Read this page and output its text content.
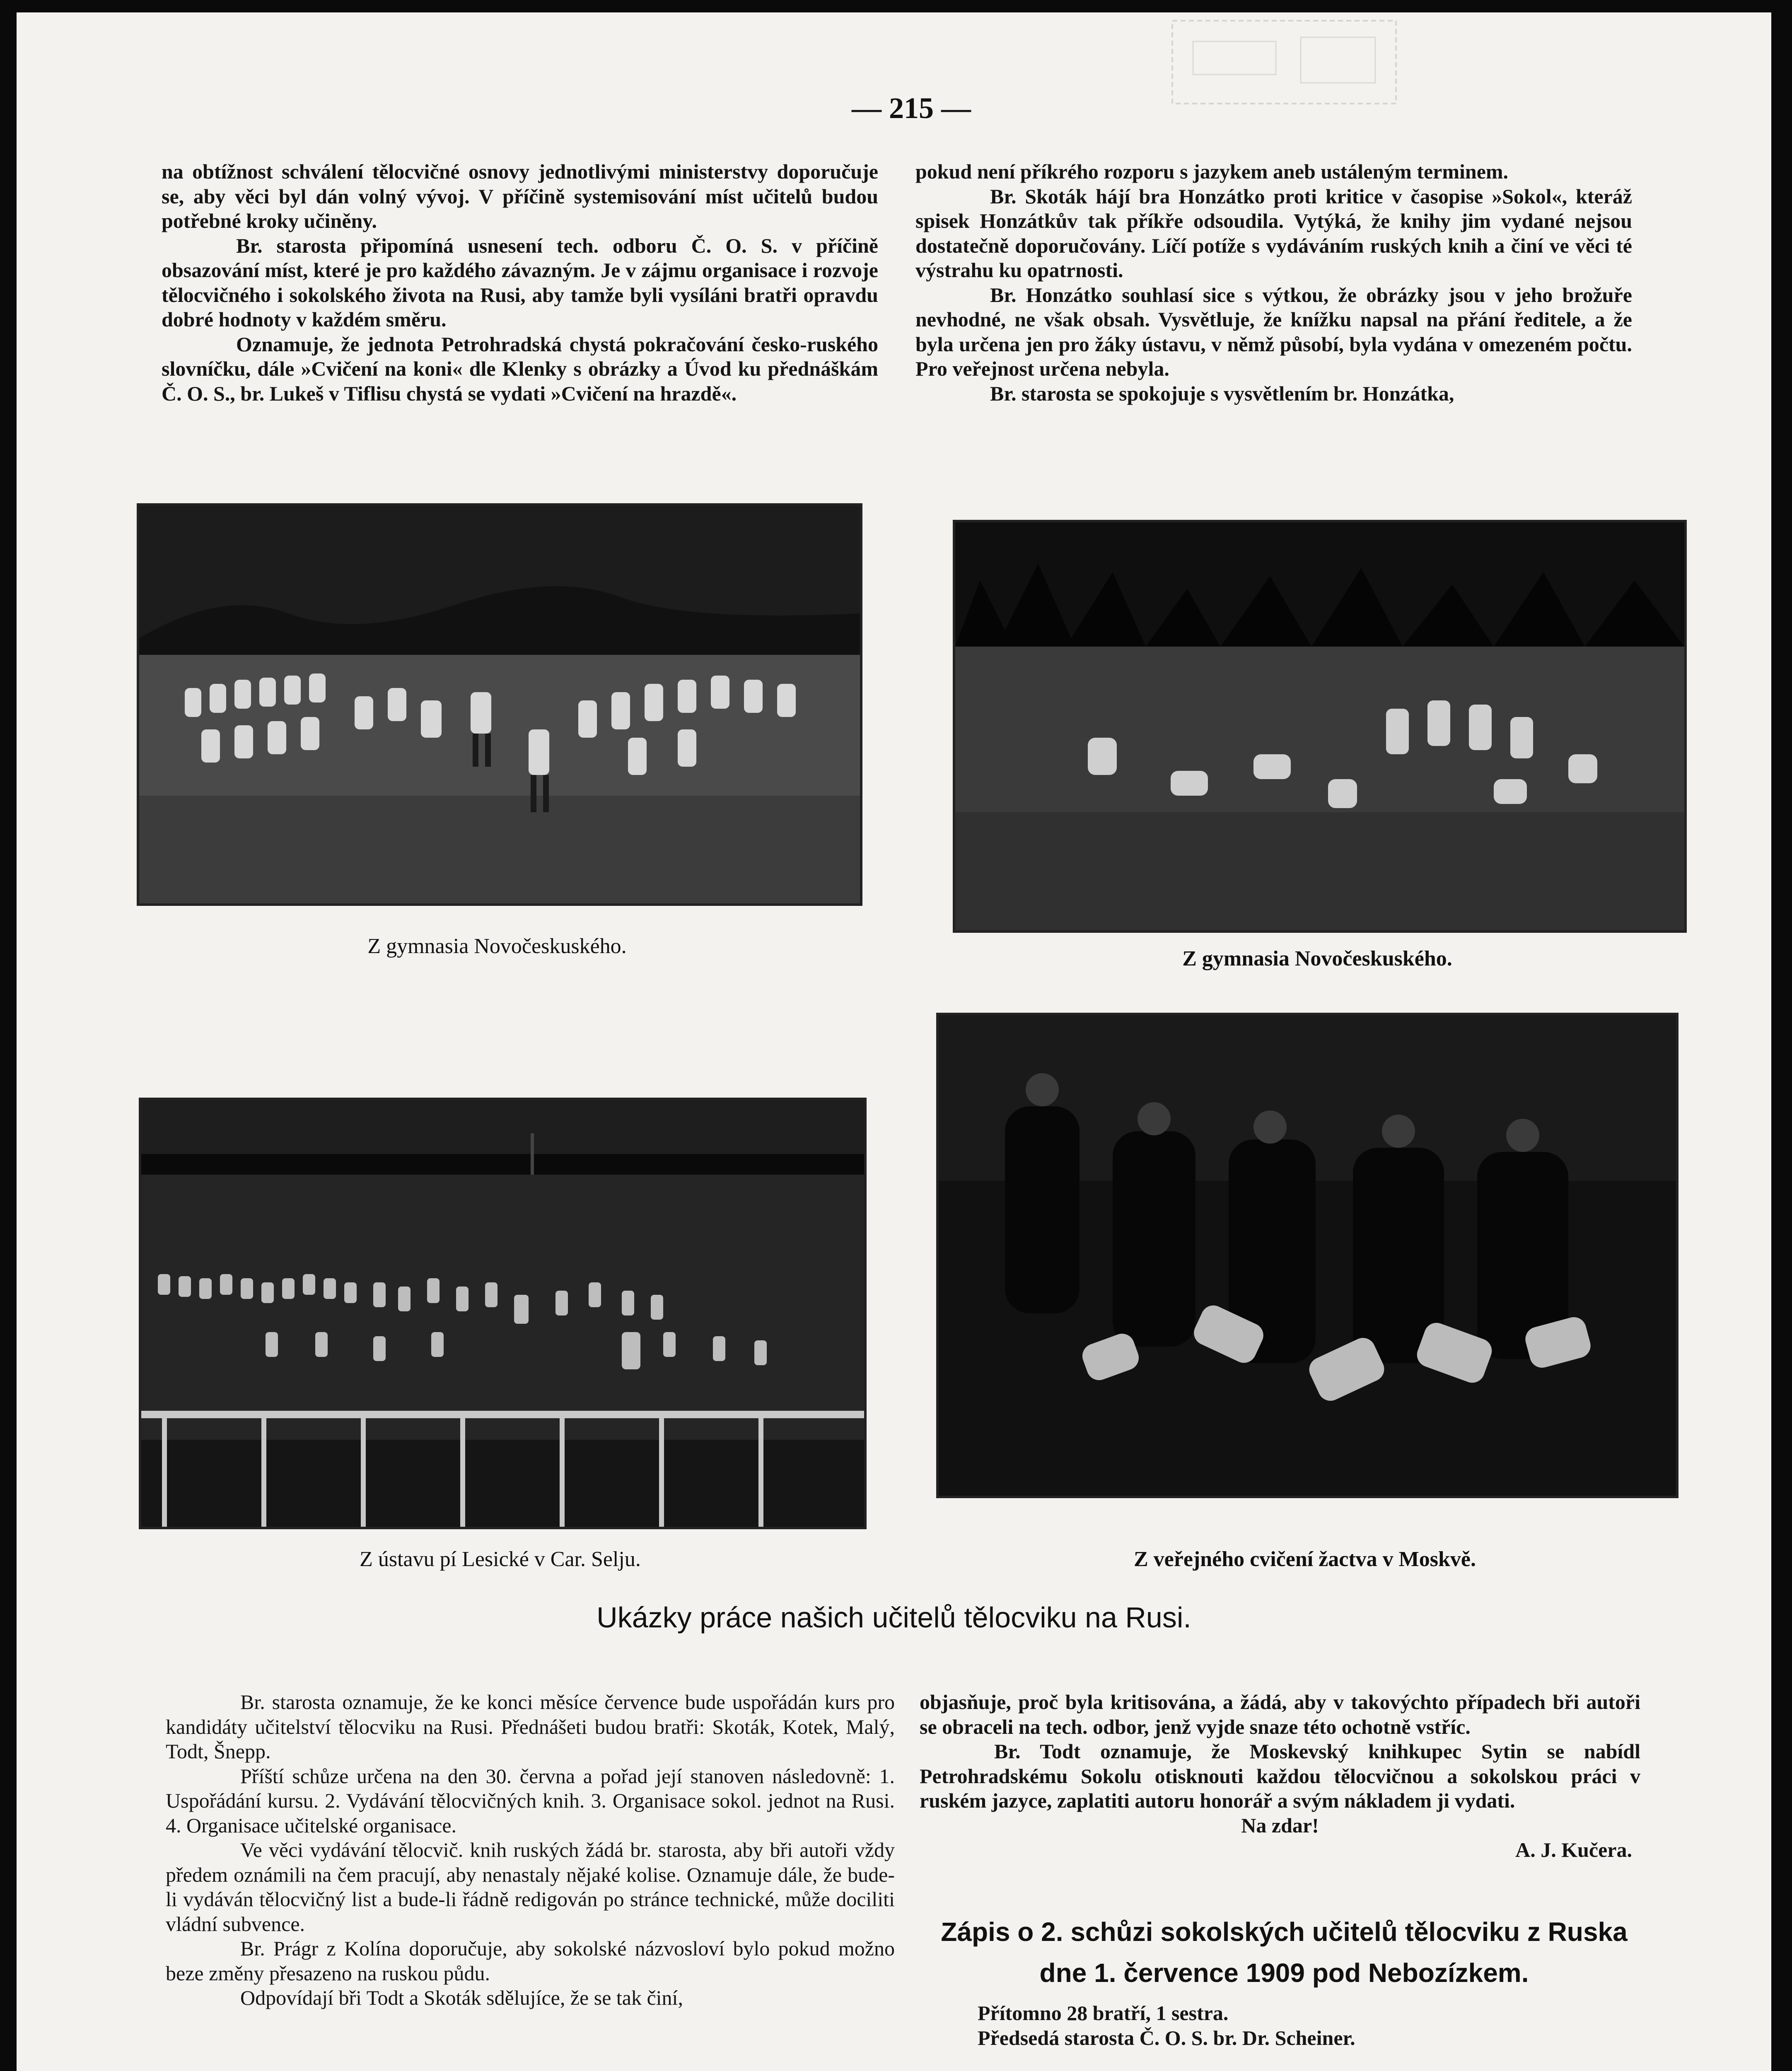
— 215 —

na obtížnost schválení tělocvičné osnovy jednotlivými ministerstvy doporučuje se, aby věci byl dán volný vývoj. V příčině systemisování míst učitelů budou potřebné kroky učiněny.

Br. starosta připomíná usnesení tech. odboru Č. O. S. v příčině obsazování míst, které je pro každého závazným. Je v zájmu organisace i rozvoje tělocvičného i sokolského života na Rusi, aby tamže byli vysíláni bratři opravdu dobré hodnoty v každém směru.

Oznamuje, že jednota Petrohradská chystá pokračování česko-ruského slovníčku, dále »Cvičení na koni« dle Klenky s obrázky a Úvod ku přednáškám Č. O. S., br. Lukeš v Tiflisu chystá se vydati »Cvičení na hrazdě«.

pokud není příkrého rozporu s jazykem aneb ustáleným terminem.

Br. Skoták hájí bra Honzátko proti kritice v časopise »Sokol«, kteráž spisek Honzátkův tak příkře odsoudila. Vytýká, že knihy jim vydané nejsou dostatečně doporučovány. Líčí potíže s vydáváním ruských knih a činí ve věci té výstrahu ku opatrnosti.

Br. Honzátko souhlasí sice s výtkou, že obrázky jsou v jeho brožuře nevhodné, ne však obsah. Vysvětluje, že knížku napsal na přání ředitele, a že byla určena jen pro žáky ústavu, v němž působí, byla vydána v omezeném počtu. Pro veřejnost určena nebyla.

Br. starosta se spokojuje s vysvětlením br. Honzátka,

Z gymnasia Novočeskuského.
Z gymnasia Novočeskuského.
Z ústavu pí Lesické v Car. Selju.	Z veřejného cvičení žactva v Moskvě.
Ukázky práce našich učitelů tělocviku na Rusi.

Br. starosta oznamuje, že ke konci měsíce července bude uspořádán kurs pro kandidáty učitelství tělocviku na Rusi. Přednášeti budou bratři: Skoták, Kotek, Malý, Todt, Šnepp.

Příští schůze určena na den 30. června a pořad její stanoven následovně: 1. Uspořádání kursu. 2. Vydávání tělocvičných knih. 3. Organisace sokol. jednot na Rusi. 4. Organisace učitelské organisace.

Ve věci vydávání tělocvič. knih ruských žádá br. starosta, aby bři autoři vždy předem oznámili na čem pracují, aby nenastaly nějaké kolise. Oznamuje dále, že bude-li vydáván tělocvičný list a bude-li řádně redigován po stránce technické, může dociliti vládní subvence.

Br. Prágr z Kolína doporučuje, aby sokolské názvosloví bylo pokud možno beze změny přesazeno na ruskou půdu.

Odpovídají bři Todt a Skoták sdělujíce, že se tak činí,

objasňuje, proč byla kritisována, a žádá, aby v takovýchto případech bři autoři se obraceli na tech. odbor, jenž vyjde snaze této ochotně vstříc.

Br. Todt oznamuje, že Moskevský knihkupec Sytin se nabídl Petrohradskému Sokolu otisknouti každou tělocvičnou a sokolskou práci v ruském jazyce, zaplatiti autoru honorář a svým nákladem ji vydati.

Na zdar!

A. J. Kučera.

Zápis o 2. schůzi sokolských učitelů tělocviku z Ruska
dne 1. července 1909 pod Nebozízkem.
Přítomno 28 bratří, 1 sestra.
Předsedá starosta Č. O. S. br. Dr. Scheiner.
